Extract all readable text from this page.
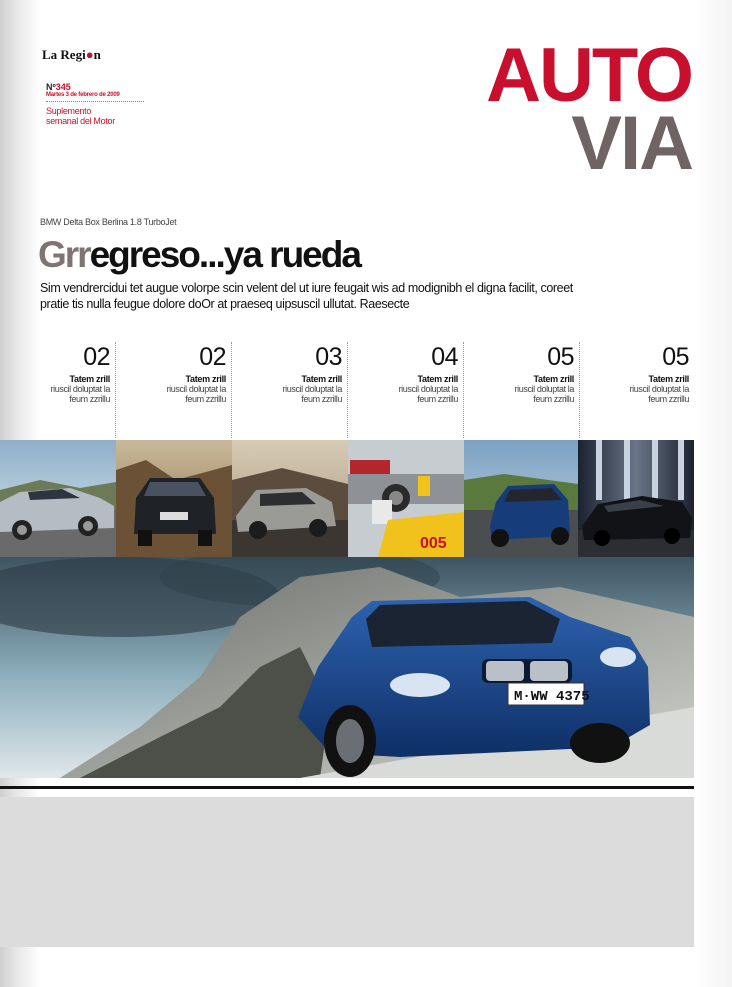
La Regi●n
Nº345
Martes 3 de febrero de 2009
Suplemento
semanal del Motor
AUTO
VIA
BMW Delta Box Berlina 1.8 TurboJet
Grregreso...ya rueda
Sim vendrercidui tet augue volorpe scin velent del ut iure feugait wis ad modignibh el digna facilit, coreet pratie tis nulla feugue dolore doOr at praeseq uipsuscil ullutat. Raesecte
02
Tatem zrill
riuscil doluptat la
feum zzrillu
02
Tatem zrill
riuscil doluptat la
feum zzrillu
03
Tatem zrill
riuscil doluptat la
feum zzrillu
04
Tatem zrill
riuscil doluptat la
feum zzrillu
05
Tatem zrill
riuscil doluptat la
feum zzrillu
05
Tatem zrill
riuscil doluptat la
feum zzrillu
005
M·WW 4375
